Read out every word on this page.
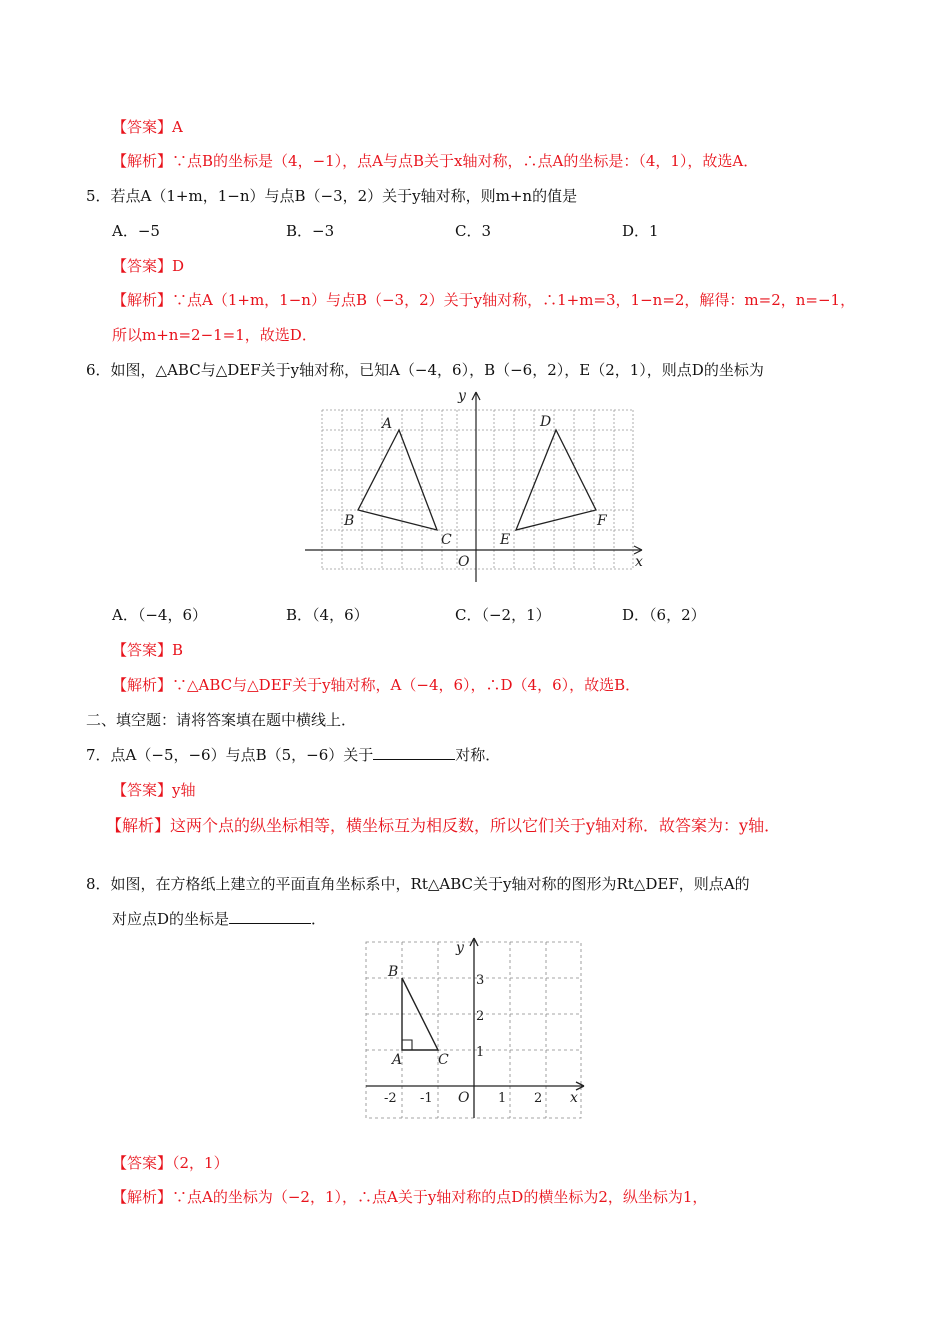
【答案】A
【解析】∵点B的坐标是（4，−1），点A与点B关于x轴对称，∴点A的坐标是：（4，1），故选A．
5．若点A（1+m，1−n）与点B（−3，2）关于y轴对称，则m+n的值是
A．−5	B．−3	C．3	D．1
【答案】D
【解析】∵点A（1+m，1−n）与点B（−3，2）关于y轴对称，∴1+m=3，1−n=2，解得：m=2，n=−1，
所以m+n=2−1=1，故选D．
6．如图，△ABC与△DEF关于y轴对称，已知A（−4，6），B（−6，2），E（2，1），则点D的坐标为
A
B
C
D
E
F
O	x
y
A．（−4，6）	B．（4，6）	C．（−2，1）	D．（6，2）
【答案】B
【解析】∵△ABC与△DEF关于y轴对称，A（−4，6），∴D（4，6），故选B．
二、填空题：请将答案填在题中横线上．
7．点A（−5，−6）与点B（5，−6）关于	对称．
【答案】y轴
【解析】这两个点的纵坐标相等，横坐标互为相反数，所以它们关于y轴对称．故答案为：y轴．
8．如图，在方格纸上建立的平面直角坐标系中，Rt△ABC关于y轴对称的图形为Rt△DEF，则点A的
对应点D的坐标是	．
B
A	C
O	x
y
-2 -1	1 2
1
2
3
【答案】（2，1）
【解析】∵点A的坐标为（−2，1），∴点A关于y轴对称的点D的横坐标为2，纵坐标为1，
